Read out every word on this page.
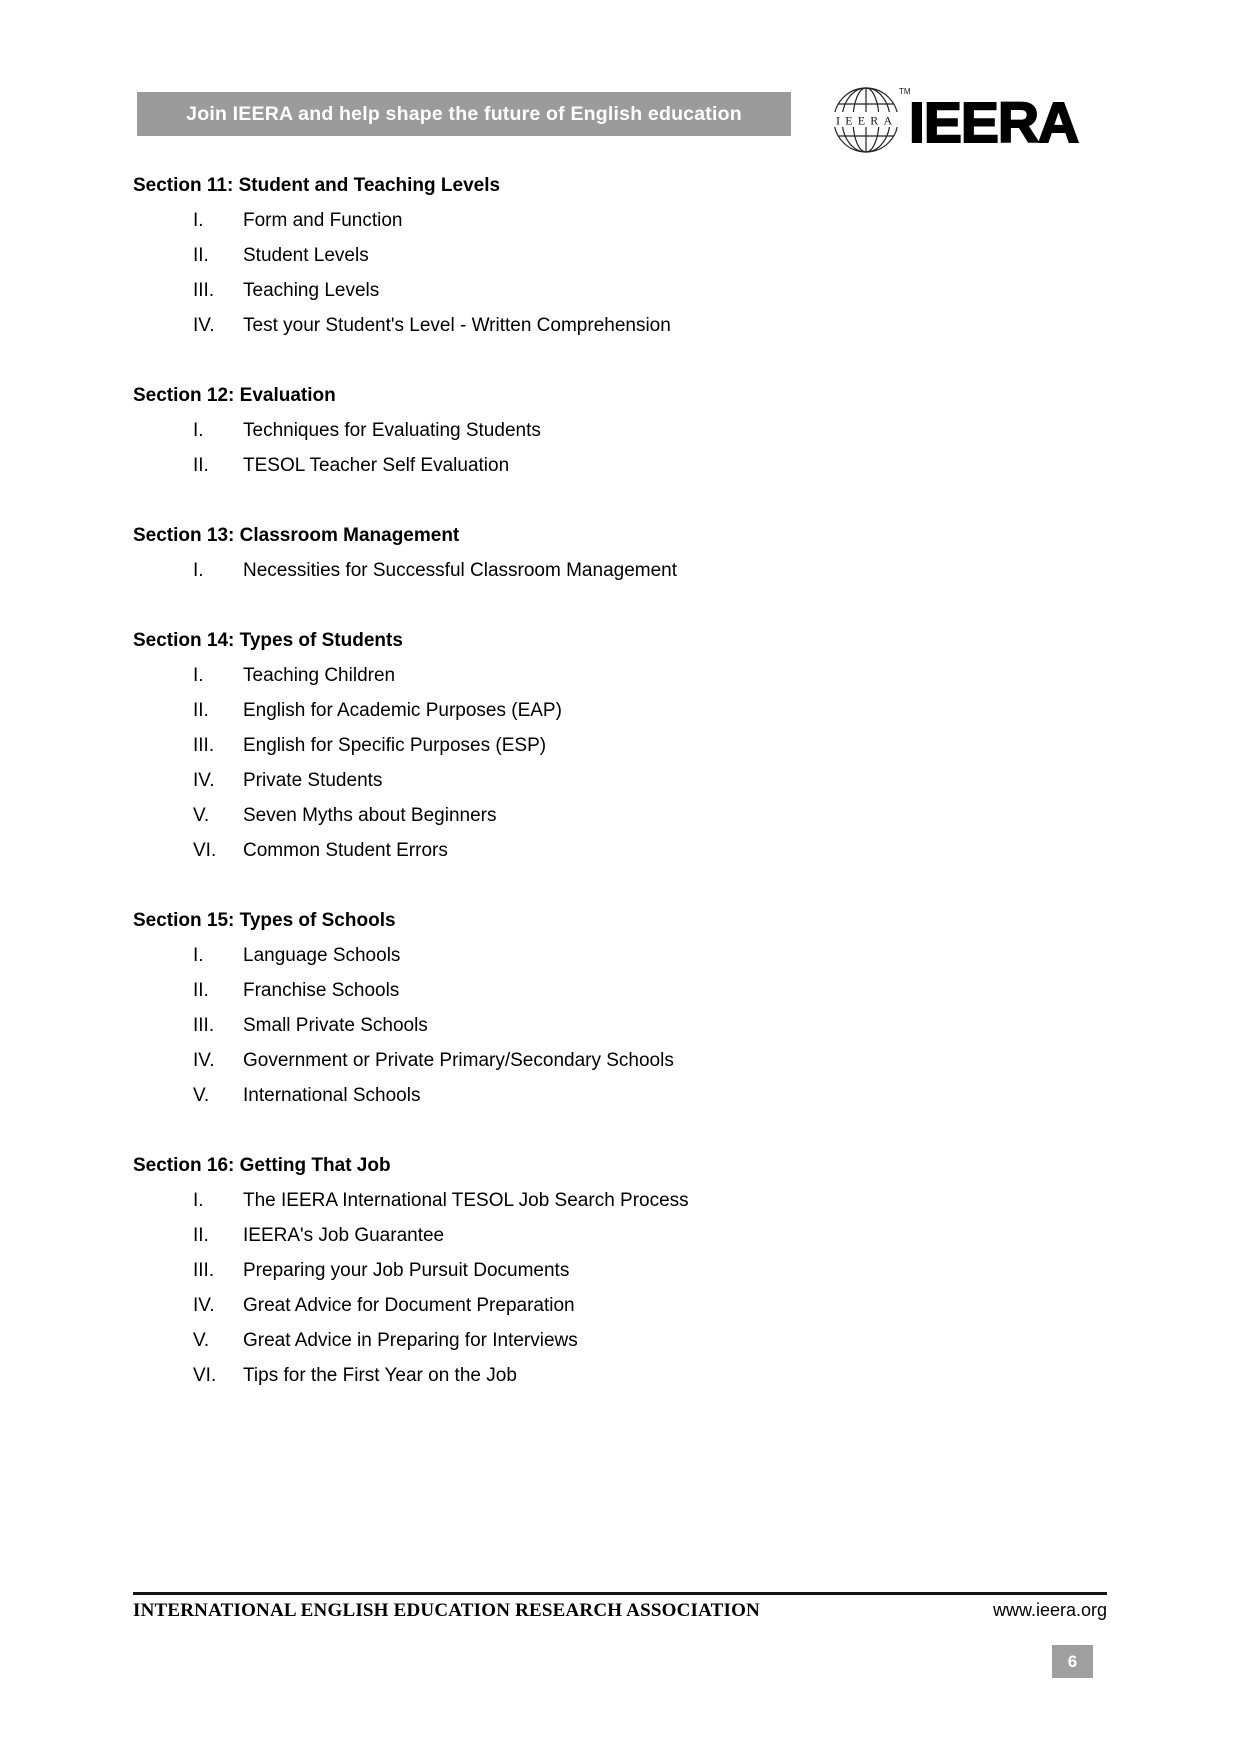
Join IEERA and help shape the future of English education	IEERA
TM
IEERA
Section 11: Student and Teaching Levels
I.	Form and Function
II.	Student Levels
III.	Teaching Levels
IV.	Test your Student's Level - Written Comprehension
Section 12: Evaluation
I.	Techniques for Evaluating Students
II.	TESOL Teacher Self Evaluation
Section 13: Classroom Management
I.	Necessities for Successful Classroom Management
Section 14: Types of Students
I.	Teaching Children
II.	English for Academic Purposes (EAP)
III.	English for Specific Purposes (ESP)
IV.	Private Students
V.	Seven Myths about Beginners
VI.	Common Student Errors
Section 15: Types of Schools
I.	Language Schools
II.	Franchise Schools
III.	Small Private Schools
IV.	Government or Private Primary/Secondary Schools
V.	International Schools
Section 16: Getting That Job
I.	The IEERA International TESOL Job Search Process
II.	IEERA's Job Guarantee
III.	Preparing your Job Pursuit Documents
IV.	Great Advice for Document Preparation
V.	Great Advice in Preparing for Interviews
VI.	Tips for the First Year on the Job
INTERNATIONAL ENGLISH EDUCATION RESEARCH ASSOCIATION	www.ieera.org
6
